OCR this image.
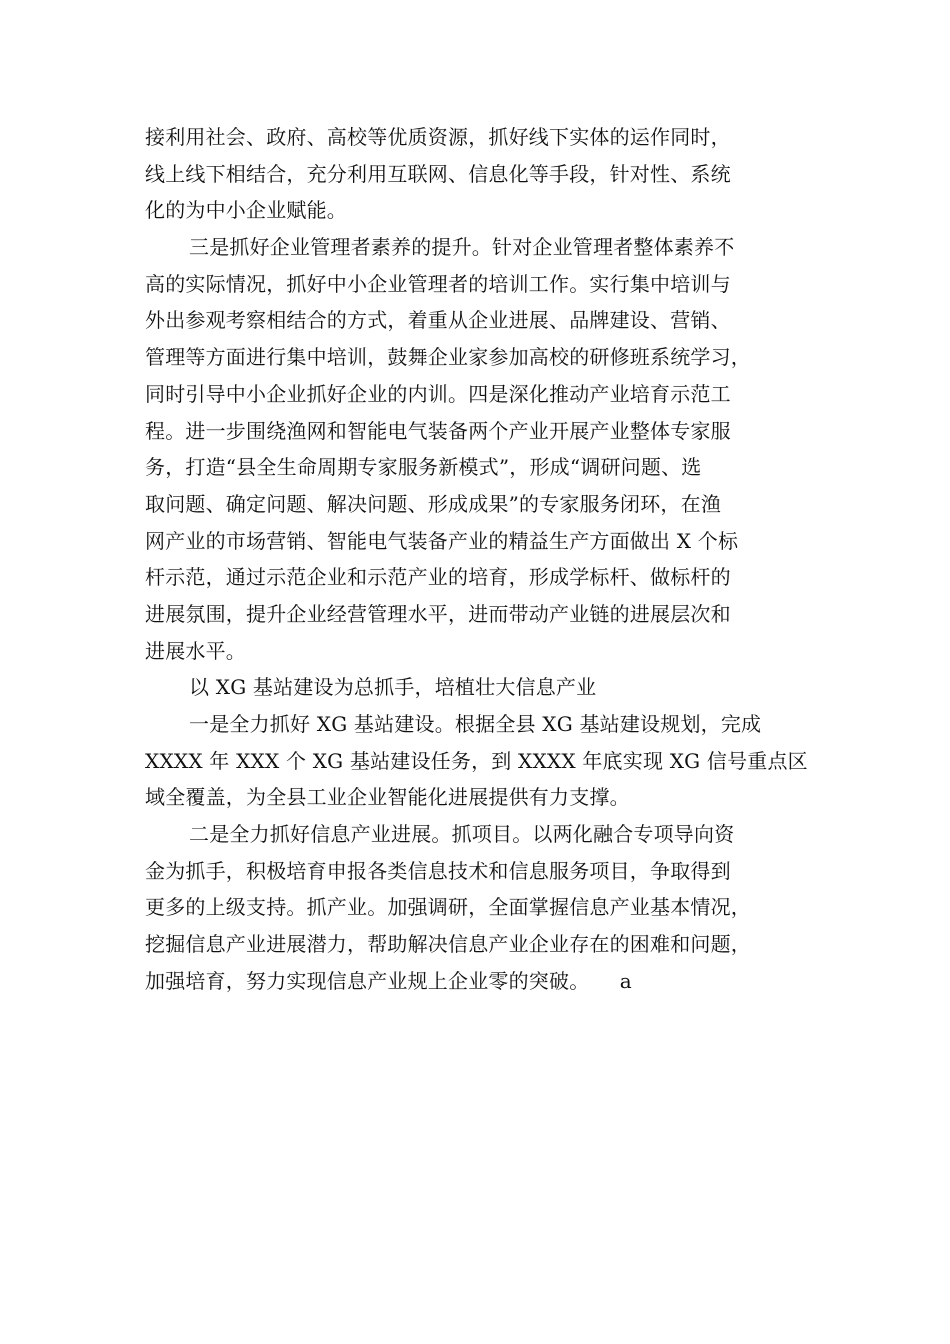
接利用社会、政府、高校等优质资源，抓好线下实体的运作同时，
线上线下相结合，充分利用互联网、信息化等手段，针对性、系统
化的为中小企业赋能。
三是抓好企业管理者素养的提升。针对企业管理者整体素养不
高的实际情况，抓好中小企业管理者的培训工作。实行集中培训与
外出参观考察相结合的方式，着重从企业进展、品牌建设、营销、
管理等方面进行集中培训，鼓舞企业家参加高校的研修班系统学习，
同时引导中小企业抓好企业的内训。四是深化推动产业培育示范工
程。进一步围绕渔网和智能电气装备两个产业开展产业整体专家服
务，打造“县全生命周期专家服务新模式”，形成“调研问题、选
取问题、确定问题、解决问题、形成成果”的专家服务闭环，在渔
网产业的市场营销、智能电气装备产业的精益生产方面做出 X 个标
杆示范，通过示范企业和示范产业的培育，形成学标杆、做标杆的
进展氛围，提升企业经营管理水平，进而带动产业链的进展层次和
进展水平。
以 XG 基站建设为总抓手，培植壮大信息产业
一是全力抓好 XG 基站建设。根据全县 XG 基站建设规划，完成
XXXX 年 XXX 个 XG 基站建设任务，到 XXXX 年底实现 XG 信号重点区
域全覆盖，为全县工业企业智能化进展提供有力支撑。
二是全力抓好信息产业进展。抓项目。以两化融合专项导向资
金为抓手，积极培育申报各类信息技术和信息服务项目，争取得到
更多的上级支持。抓产业。加强调研，全面掌握信息产业基本情况，
挖掘信息产业进展潜力，帮助解决信息产业企业存在的困难和问题，
加强培育，努力实现信息产业规上企业零的突破。　　a
